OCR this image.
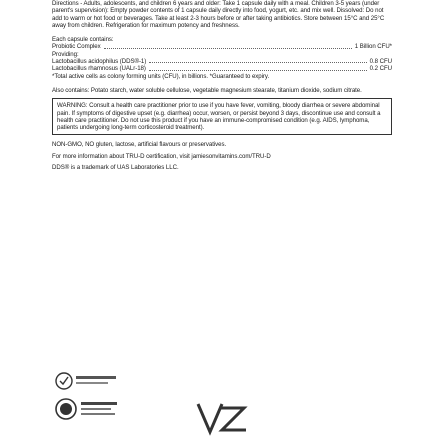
Directions - Adults, adolescents, and children 6 years and older: Take 1 capsule daily with a meal. Children 3-5 years (under parent's supervision): Empty powder contents of 1 capsule daily directly into food, yogurt, etc. and mix well. Dissolved: Do not add to warm or hot food or beverages. Take at least 2-3 hours before or after taking antibiotics. Store between 15°C and 25°C away from children. Refrigeration for maximum potency and freshness.

Each capsule contains:

Probiotic Complex	1 Billion CFU*
Providing:
Lactobacillus acidophilus (DDS®-1)	0.8 CFU
Lactobacillus rhamnosus (UALr-18)	0.2 CFU

*Total active cells as colony forming units (CFU), in billions. *Guaranteed to expiry.

Also contains: Potato starch, water soluble cellulose, vegetable magnesium stearate, titanium dioxide, sodium citrate.

WARNING: Consult a health care practitioner prior to use if you have fever, vomiting, bloody diarrhea or severe abdominal pain. If symptoms of digestive upset (e.g. diarrhea) occur, worsen, or persist beyond 3 days, discontinue use and consult a health care practitioner. Do not use this product if you have an immune-compromised condition (e.g. AIDS, lymphoma, patients undergoing long-term corticosteroid treatment).

NON-GMO, NO gluten, lactose, artificial flavours or preservatives.

For more information about TRU-D certification, visit jamiesonvitamins.com/TRU-D

DDS® is a trademark of UAS Laboratories LLC.
